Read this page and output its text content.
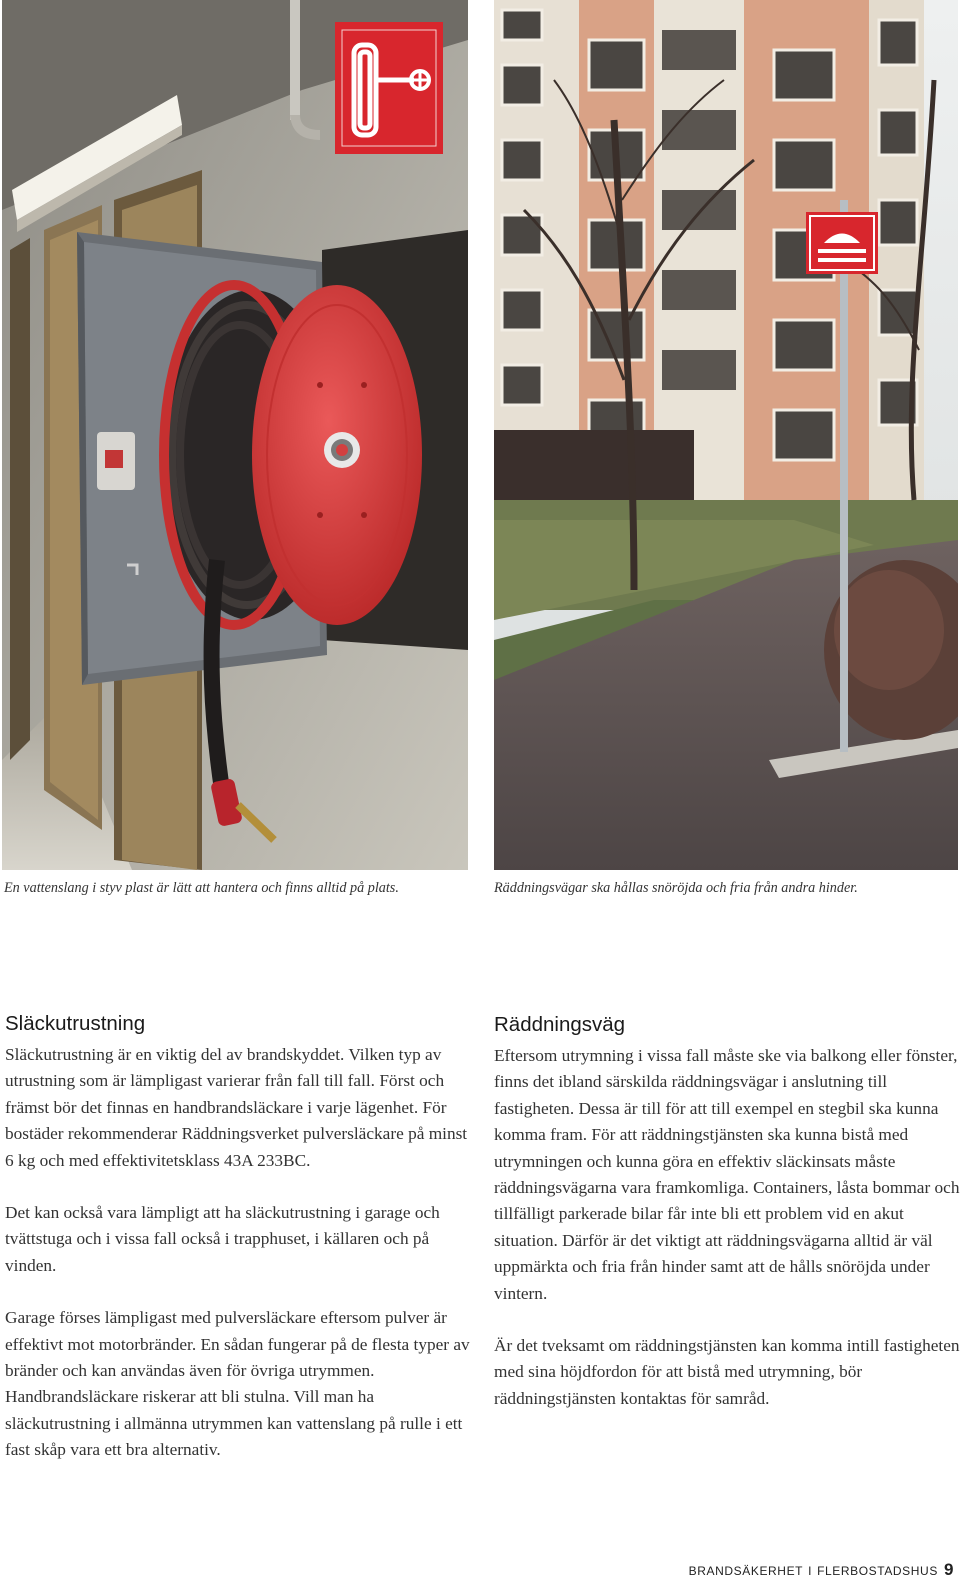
En vattenslang i styv plast är lätt att hantera och finns alltid på plats.	Räddningsvägar ska hållas snöröjda och fria från andra hinder.
Släckutrustning

Släckutrustning är en viktig del av brandskyddet. Vilken typ av utrustning som är lämpligast varierar från fall till fall. Först och främst bör det finnas en handbrandsläckare i varje lägenhet. För bostäder rekommenderar Räddningsverket pulversläckare på minst 6 kg och med effektivitetsklass 43A 233BC.

Det kan också vara lämpligt att ha släckutrustning i garage och tvättstuga och i vissa fall också i trapphuset, i källaren och på vinden.

Garage förses lämpligast med pulversläckare eftersom pulver är effektivt mot motorbränder. En sådan fungerar på de flesta typer av bränder och kan användas även för övriga utrymmen. Handbrandsläckare riskerar att bli stulna. Vill man ha släckutrustning i allmänna utrymmen kan vattenslang på rulle i ett fast skåp vara ett bra alternativ.

Räddningsväg

Eftersom utrymning i vissa fall måste ske via balkong eller fönster, finns det ibland särskilda räddningsvägar i anslutning till fastigheten. Dessa är till för att till exempel en stegbil ska kunna komma fram. För att räddningstjänsten ska kunna bistå med utrymningen och kunna göra en effektiv släckinsats måste räddningsvägarna vara framkomliga. Containers, låsta bommar och tillfälligt parkerade bilar får inte bli ett problem vid en akut situation. Därför är det viktigt att räddningsvägarna alltid är väl uppmärkta och fria från hinder samt att de hålls snöröjda under vintern.

Är det tveksamt om räddningstjänsten kan komma intill fastigheten med sina höjdfordon för att bistå med utrymning, bör räddningstjänsten kontaktas för samråd.

BRANDSÄKERHET I FLERBOSTADSHUS 9
